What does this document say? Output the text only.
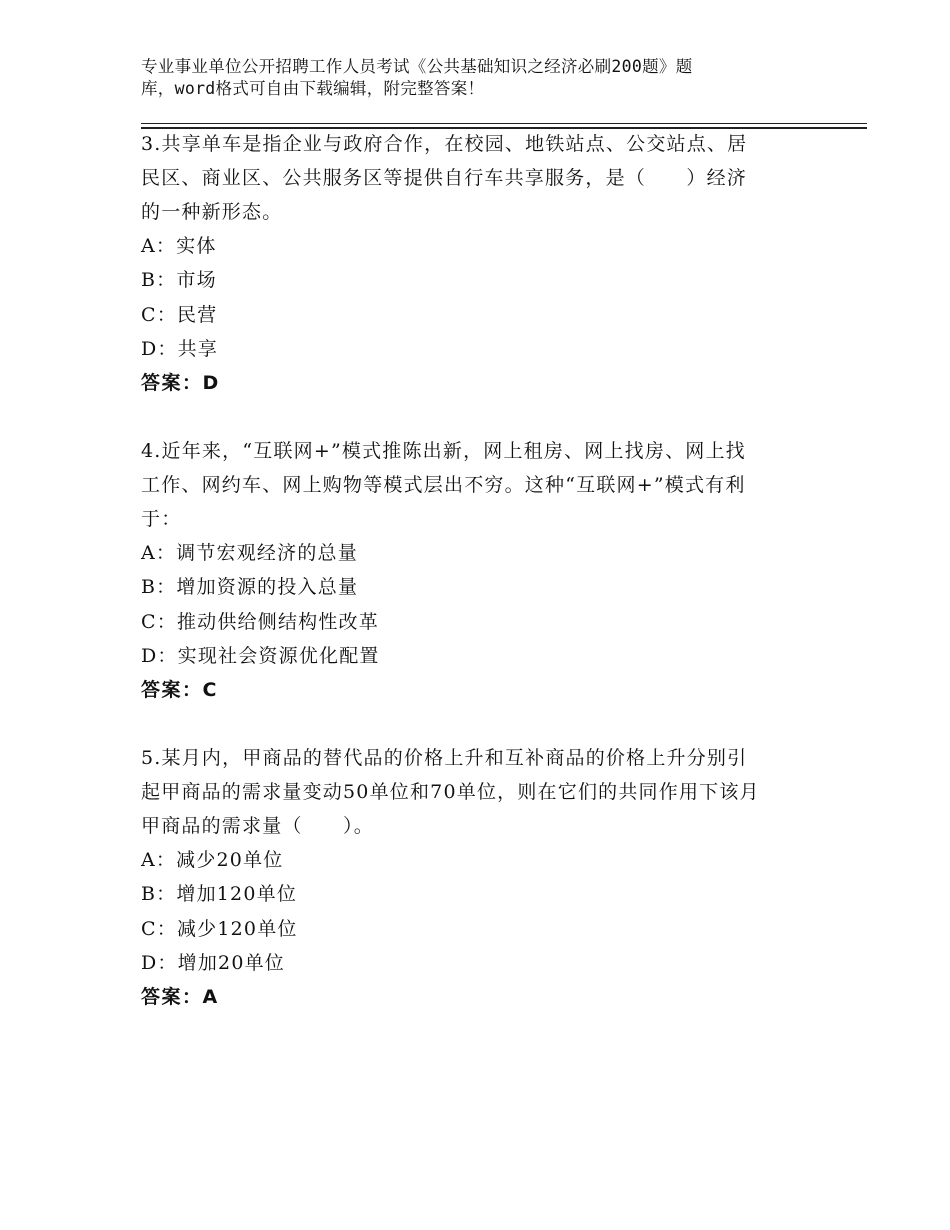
专业事业单位公开招聘工作人员考试《公共基础知识之经济必刷200题》题
库，word格式可自由下载编辑，附完整答案！
3.共享单车是指企业与政府合作，在校园、地铁站点、公交站点、居
民区、商业区、公共服务区等提供自行车共享服务，是（　　）经济
的一种新形态。
A：实体
B：市场
C：民营
D：共享
答案：D
4.近年来，“互联网+”模式推陈出新，网上租房、网上找房、网上找
工作、网约车、网上购物等模式层出不穷。这种“互联网+”模式有利
于：
A：调节宏观经济的总量
B：增加资源的投入总量
C：推动供给侧结构性改革
D：实现社会资源优化配置
答案：C
5.某月内，甲商品的替代品的价格上升和互补商品的价格上升分别引
起甲商品的需求量变动50单位和70单位，则在它们的共同作用下该月
甲商品的需求量（　　）。
A：减少20单位
B：增加120单位
C：减少120单位
D：增加20单位
答案：A
